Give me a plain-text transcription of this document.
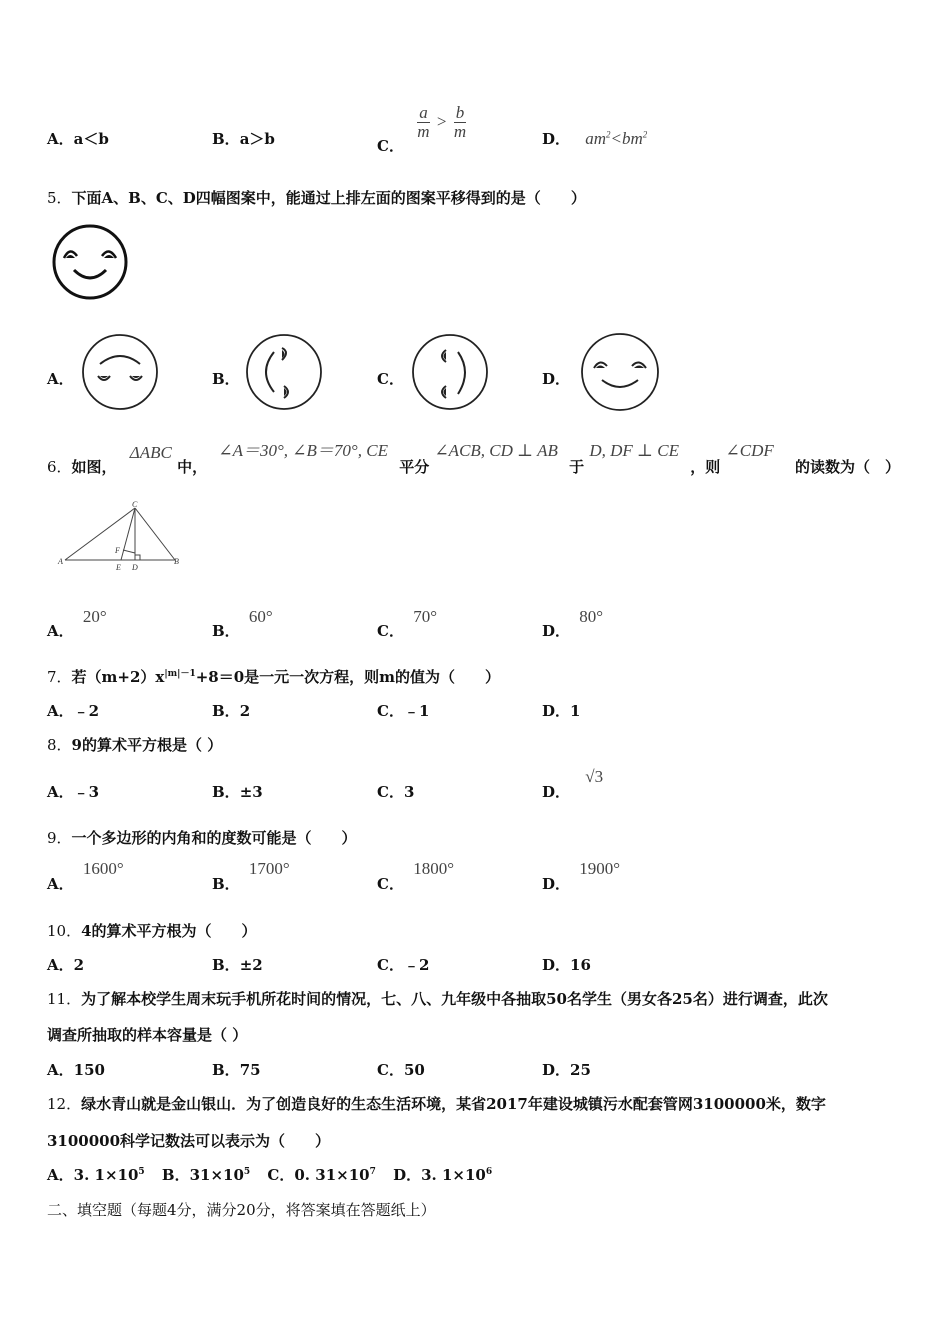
A．a＜b	B．a＞b	C．
$\frac{a}{m} > \frac{b}{m}$	D． $am^2<bm^2$
5．下面A、B、C、D四幅图案中，能通过上排左面的图案平移得到的是（　　）
A．	B．	C．	D．
6．如图， ΔABC 中， ∠A＝30°, ∠B＝70°, CE 平分 ∠ACB, CD ⊥ AB 于 D, DF ⊥ CE ，则 ∠CDF 的读数为（　）
C
A
F
E D
B
A． 20°
B． 60°
C． 70°
D． 80°
7．若$(m+2)x^{|m|-1}+8=0$是一元一次方程，则m的值为（　　）
A．﹣2	B．2	C．﹣1	D．1
8．9的算术平方根是（ ）
A．﹣3	B．±3	C．3	D． √3
9．一个多边形的内角和的度数可能是（　　）
A． 1600°
B． 1700°
C． 1800°
D． 1900°
10．4的算术平方根为（　　）
A．2	B．±2	C．﹣2	D．16
11．为了解本校学生周末玩手机所花时间的情况，七、八、九年级中各抽取50名学生（男女各25名）进行调查，此次
调查所抽取的样本容量是（ ）
A．150	B．75	C．50	D．25
12．绿水青山就是金山银山．为了创造良好的生态生活环境，某省2017年建设城镇污水配套管网3100000米，数字
3100000科学记数法可以表示为（　　）
A．3. $1\times 10^5$ B．$31\times 10^5$ C．0. $31\times 10^7$ D．3. $1\times 10^6$
二、填空题（每题4分，满分20分，将答案填在答题纸上）
